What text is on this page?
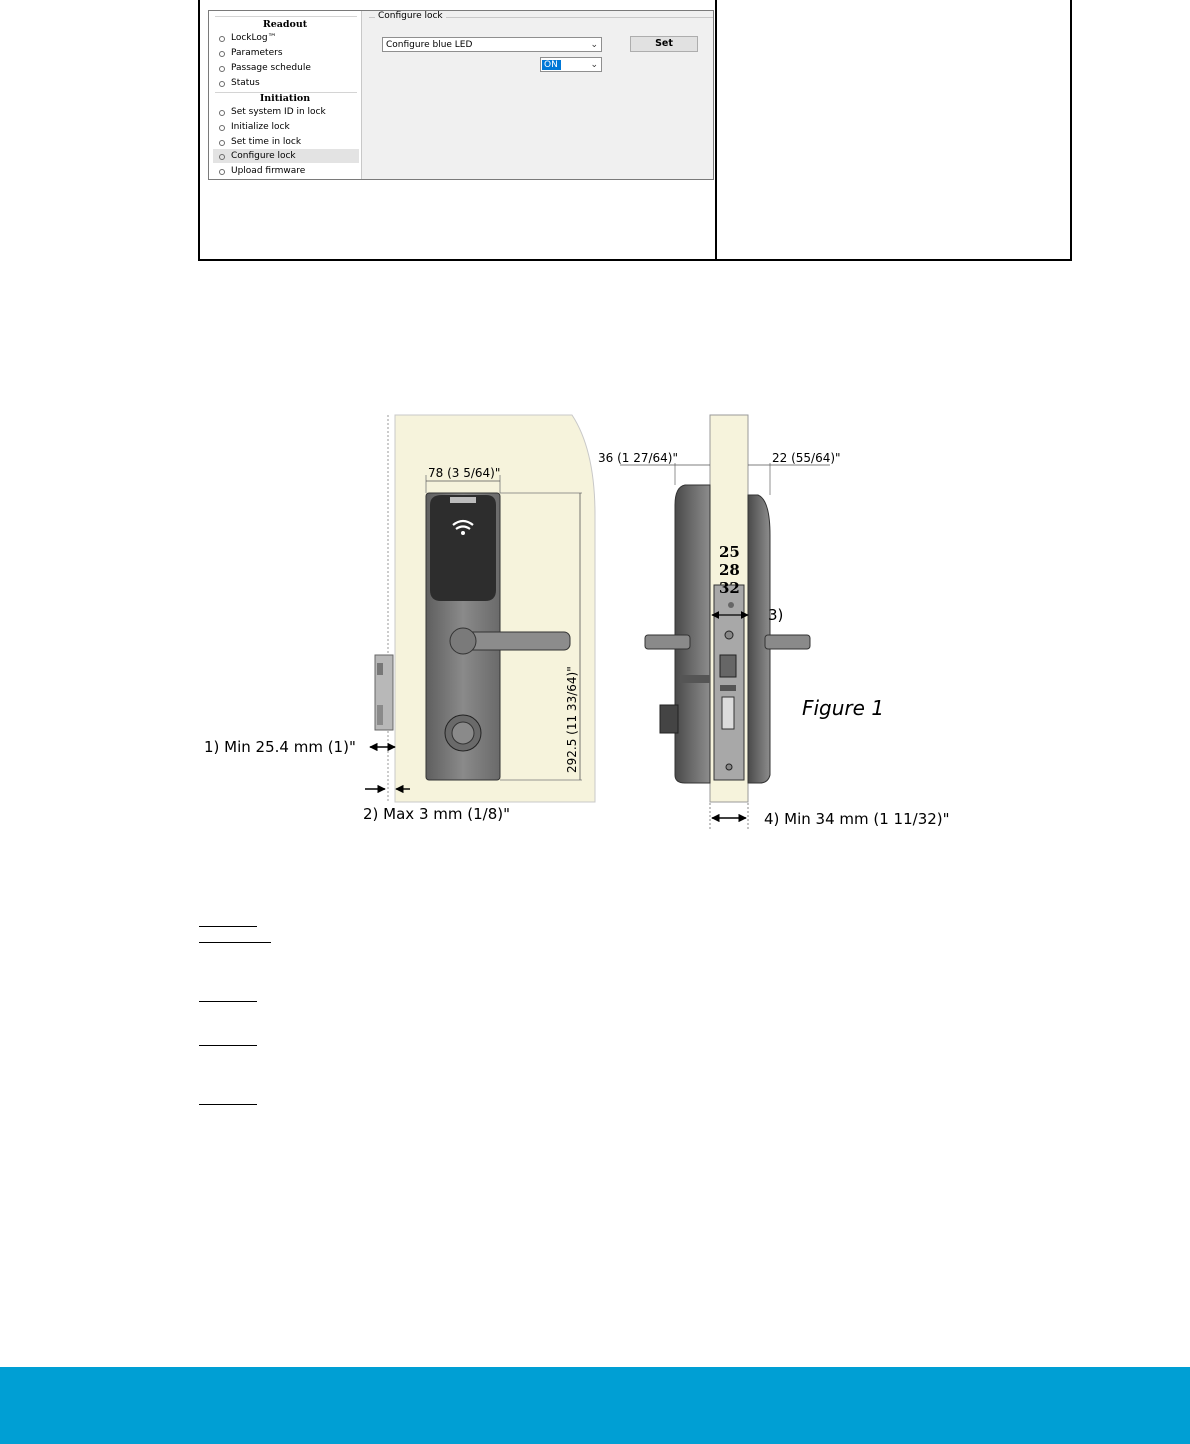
Readout
LockLog™
Parameters
Passage schedule
Status
Initiation
Set system ID in lock
Initialize lock
Set time in lock
Configure lock
Upload firmware
Configure lock
Configure blue LED	⌄
ON	⌄
Set
78 (3 5/64)"
292.5 (11 33/64)"
1) Min 25.4 mm (1)"
2) Max 3 mm (1/8)"
36 (1 27/64)"	22 (55/64)"
25
28
32
3)
Figure 1
4) Min 34 mm (1 11/32)"
